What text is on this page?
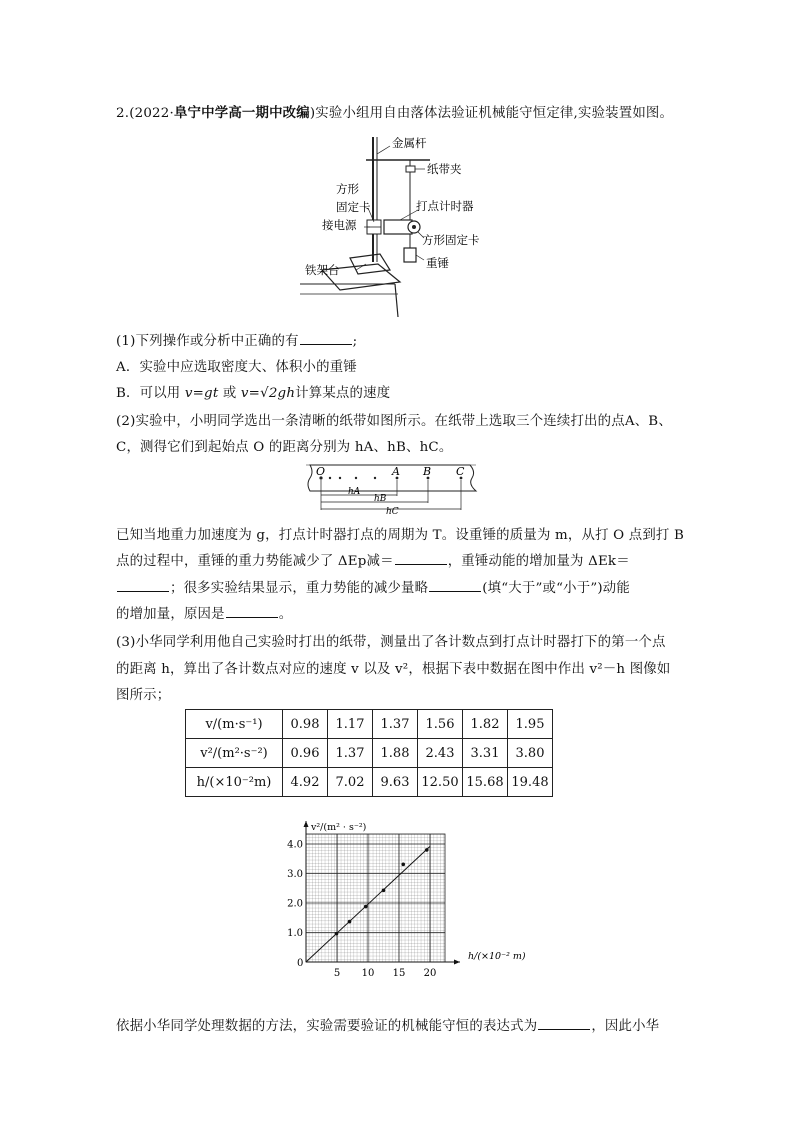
2.(2022·阜宁中学高一期中改编)实验小组用自由落体法验证机械能守恒定律,实验装置如图。
金属杆
纸带夹
方形
固定卡	打点计时器
接电源
方形固定卡
重锤
铁架台
(1)下列操作或分析中正确的有	;
A．实验中应选取密度大、体积小的重锤
B．可以用 v=gt 或 v=√2gh计算某点的速度
(2)实验中，小明同学选出一条清晰的纸带如图所示。在纸带上选取三个连续打出的点A、B、
C，测得它们到起始点 O 的距离分别为 hA、hB、hC。
O	A B C
hA
hB
hC
已知当地重力加速度为 g，打点计时器打点的周期为 T。设重锤的质量为 m，从打 O 点到打 B
点的过程中，重锤的重力势能减少了 ΔEp减＝	，重锤动能的增加量为 ΔEk＝
；很多实验结果显示，重力势能的减少量略	(填“大于”或“小于”)动能
的增加量，原因是	。
(3)小华同学利用他自己实验时打出的纸带，测量出了各计数点到打点计时器打下的第一个点
的距离 h，算出了各计数点对应的速度 v 以及 v²，根据下表中数据在图中作出 v²－h 图像如
图所示；
v/(m·s⁻¹)	0.98	1.17	1.37	1.56	1.82	1.95
v²/(m²·s⁻²)	0.96	1.37	1.88	2.43	3.31	3.80
h/(×10⁻²m)	4.92	7.02	9.63	12.50	15.68	19.48
v²/(m² · s⁻²)
h/(×10⁻² m)
0
5 10 15 20
1.0
2.0
3.0
4.0
依据小华同学处理数据的方法，实验需要验证的机械能守恒的表达式为	，因此小华
